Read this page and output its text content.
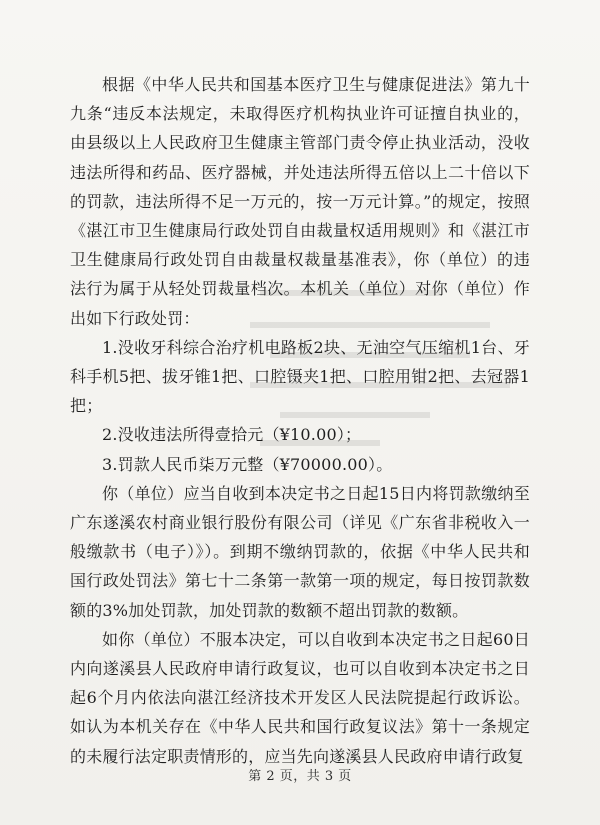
根据《中华人民共和国基本医疗卫生与健康促进法》第九十九条“违反本法规定，未取得医疗机构执业许可证擅自执业的，由县级以上人民政府卫生健康主管部门责令停止执业活动，没收违法所得和药品、医疗器械，并处违法所得五倍以上二十倍以下的罚款，违法所得不足一万元的，按一万元计算。”的规定，按照《湛江市卫生健康局行政处罚自由裁量权适用规则》和《湛江市卫生健康局行政处罚自由裁量权裁量基准表》，你（单位）的违法行为属于从轻处罚裁量档次。本机关（单位）对你（单位）作出如下行政处罚：

1.没收牙科综合治疗机电路板2块、无油空气压缩机1台、牙科手机5把、拔牙锥1把、口腔镊夹1把、口腔用钳2把、去冠器1把；

2.没收违法所得壹拾元（¥10.00）；

3.罚款人民币柒万元整（¥70000.00）。

你（单位）应当自收到本决定书之日起15日内将罚款缴纳至广东遂溪农村商业银行股份有限公司（详见《广东省非税收入一般缴款书（电子）》）。到期不缴纳罚款的，依据《中华人民共和国行政处罚法》第七十二条第一款第一项的规定，每日按罚款数额的3%加处罚款，加处罚款的数额不超出罚款的数额。

如你（单位）不服本决定，可以自收到本决定书之日起60日内向遂溪县人民政府申请行政复议，也可以自收到本决定书之日起6个月内依法向湛江经济技术开发区人民法院提起行政诉讼。如认为本机关存在《中华人民共和国行政复议法》第十一条规定的未履行法定职责情形的，应当先向遂溪县人民政府申请行政复

第 2 页，共 3 页
